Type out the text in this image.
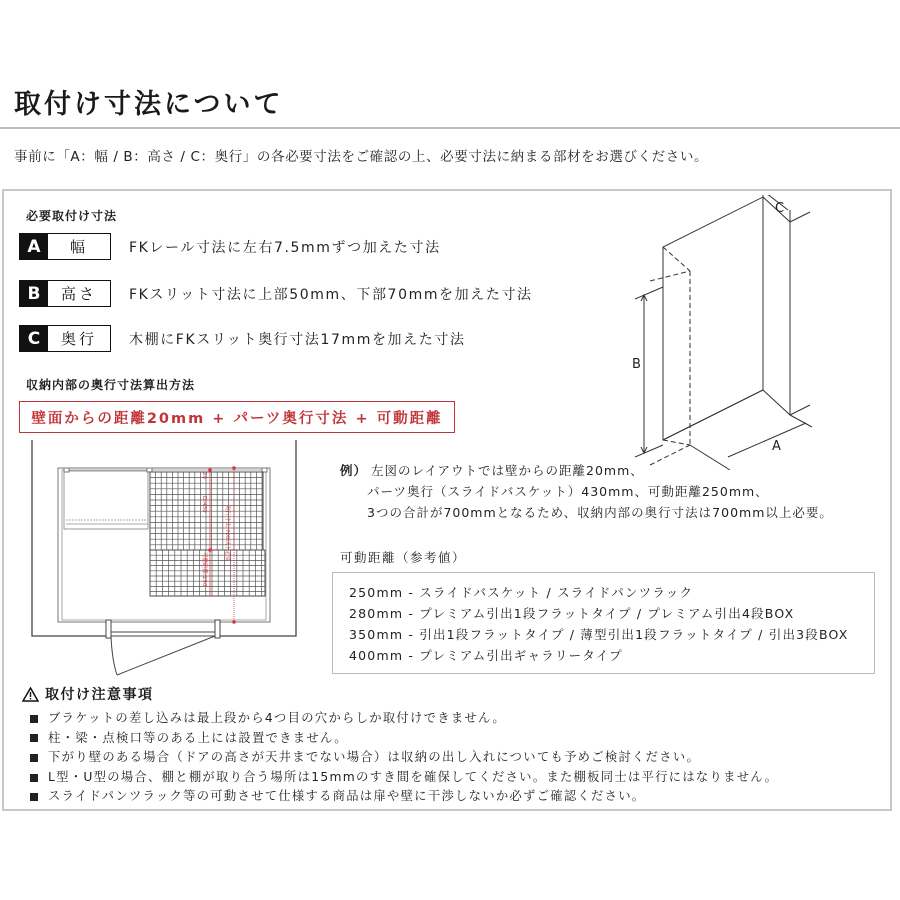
取付け寸法について

事前に「A：幅 / B：高さ / C：奥行」の各必要寸法をご確認の上、必要寸法に納まる部材をお選びください。

必要取付け寸法
A	幅	FKレール寸法に左右7.5mmずつ加えた寸法
B	高さ	FKスリット寸法に上部50mm、下部70mmを加えた寸法
C	奥行	木棚にFKスリット奥行寸法17mmを加えた寸法
収納内部の奥行寸法算出方法
壁面からの距離20mm + パーツ奥行寸法 + 可動距離
20
D:430
可動距離:250
奥行寸法:700以上必要
B
A
C
例） 左図のレイアウトでは壁からの距離20mm、
パーツ奥行（スライドバスケット）430mm、可動距離250mm、
3つの合計が700mmとなるため、収納内部の奥行寸法は700mm以上必要。
可動距離（参考値）
250mm - スライドバスケット / スライドパンツラック
280mm - プレミアム引出1段フラットタイプ / プレミアム引出4段BOX
350mm - 引出1段フラットタイプ / 薄型引出1段フラットタイプ / 引出3段BOX
400mm - プレミアム引出ギャラリータイプ
取付け注意事項
ブラケットの差し込みは最上段から4つ目の穴からしか取付けできません。
柱・梁・点検口等のある上には設置できません。
下がり壁のある場合（ドアの高さが天井までない場合）は収納の出し入れについても予めご検討ください。
L型・U型の場合、棚と棚が取り合う場所は15mmのすき間を確保してください。また棚板同士は平行にはなりません。
スライドパンツラック等の可動させて仕様する商品は扉や壁に干渉しないか必ずご確認ください。
